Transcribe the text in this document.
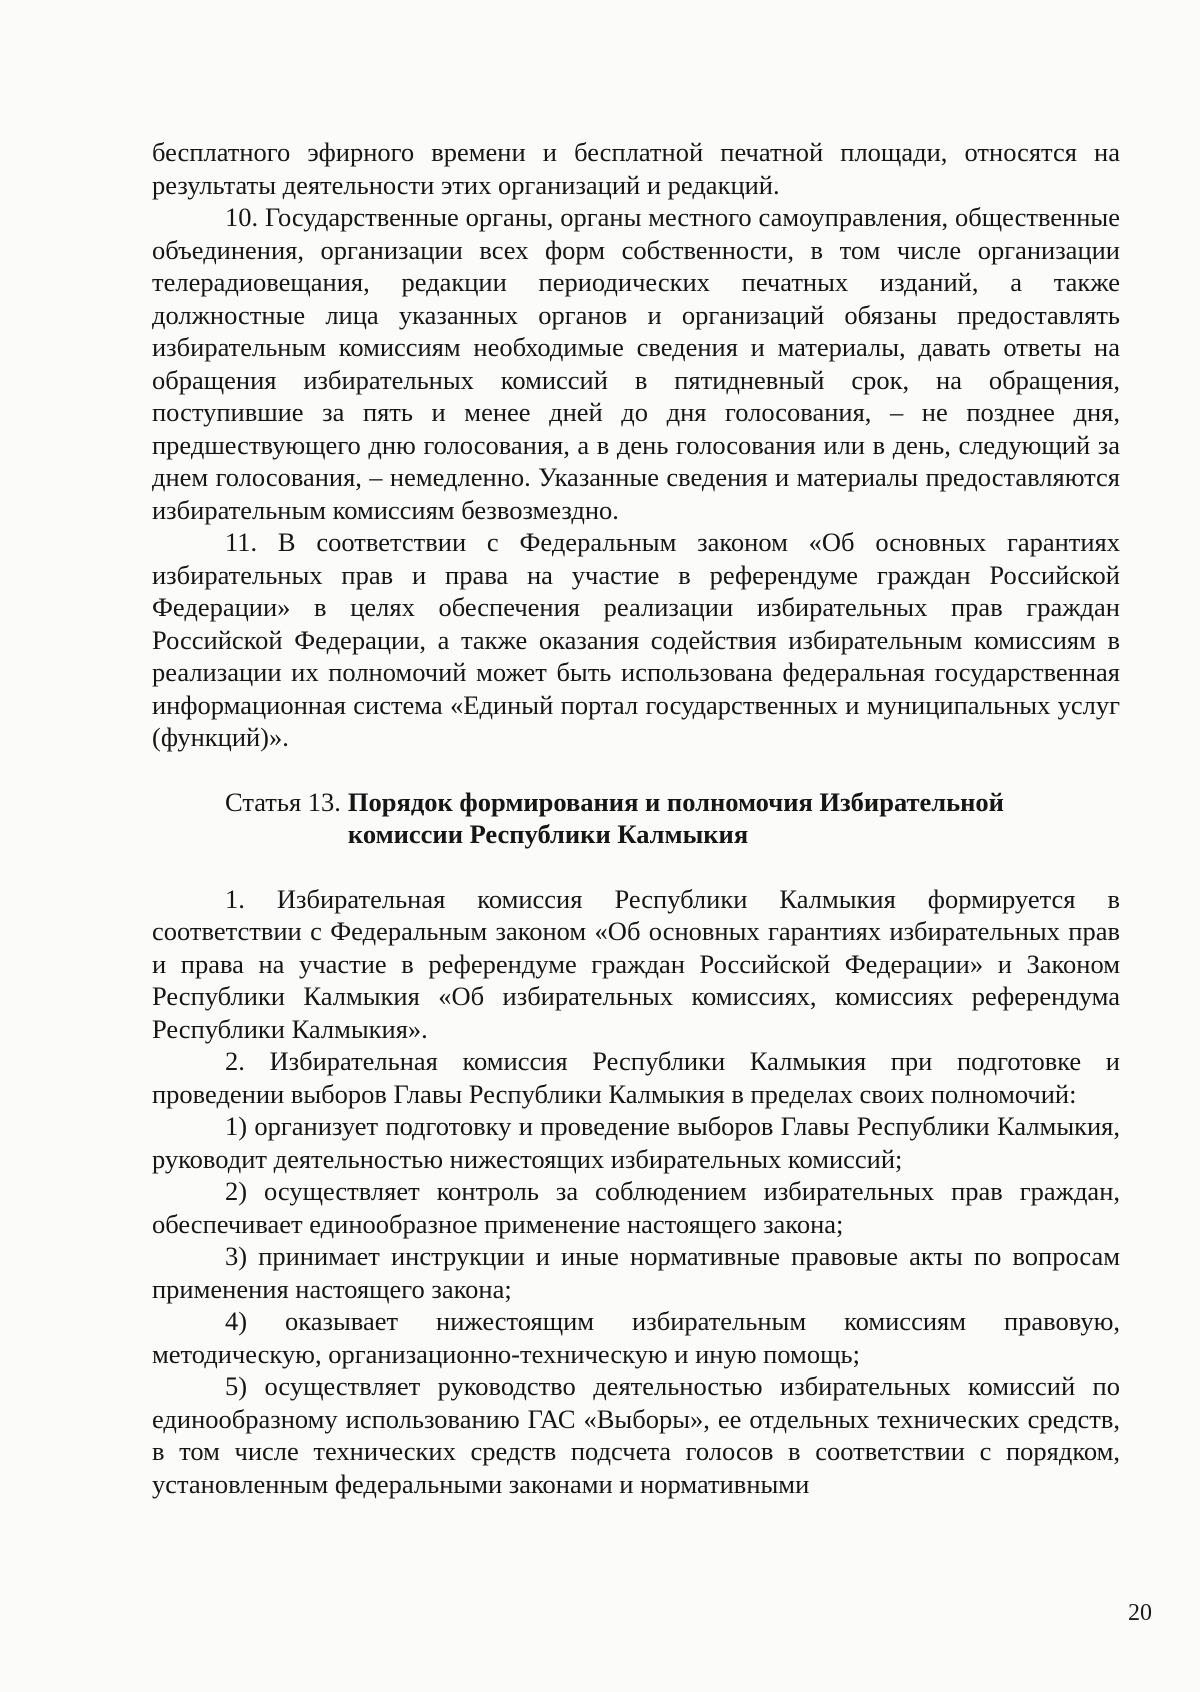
бесплатного эфирного времени и бесплатной печатной площади, относятся на результаты деятельности этих организаций и редакций.

10. Государственные органы, органы местного самоуправления, общественные объединения, организации всех форм собственности, в том числе организации телерадиовещания, редакции периодических печатных изданий, а также должностные лица указанных органов и организаций обязаны предоставлять избирательным комиссиям необходимые сведения и материалы, давать ответы на обращения избирательных комиссий в пятидневный срок, на обращения, поступившие за пять и менее дней до дня голосования, – не позднее дня, предшествующего дню голосования, а в день голосования или в день, следующий за днем голосования, – немедленно. Указанные сведения и материалы предоставляются избирательным комиссиям безвозмездно.

11. В соответствии с Федеральным законом «Об основных гарантиях избирательных прав и права на участие в референдуме граждан Российской Федерации» в целях обеспечения реализации избирательных прав граждан Российской Федерации, а также оказания содействия избирательным комиссиям в реализации их полномочий может быть использована федеральная государственная информационная система «Единый портал государственных и муниципальных услуг (функций)».

Статья 13. Порядок формирования и полномочия Избирательной
комиссии Республики Калмыкия

1. Избирательная комиссия Республики Калмыкия формируется в соответствии с Федеральным законом «Об основных гарантиях избирательных прав и права на участие в референдуме граждан Российской Федерации» и Законом Республики Калмыкия «Об избирательных комиссиях, комиссиях референдума Республики Калмыкия».

2. Избирательная комиссия Республики Калмыкия при подготовке и проведении выборов Главы Республики Калмыкия в пределах своих полномочий:

1) организует подготовку и проведение выборов Главы Республики Калмыкия, руководит деятельностью нижестоящих избирательных комиссий;

2) осуществляет контроль за соблюдением избирательных прав граждан, обеспечивает единообразное применение настоящего закона;

3) принимает инструкции и иные нормативные правовые акты по вопросам применения настоящего закона;

4) оказывает нижестоящим избирательным комиссиям правовую, методическую, организационно-техническую и иную помощь;

5) осуществляет руководство деятельностью избирательных комиссий по единообразному использованию ГАС «Выборы», ее отдельных технических средств, в том числе технических средств подсчета голосов в соответствии с порядком, установленным федеральными законами и нормативными

20
